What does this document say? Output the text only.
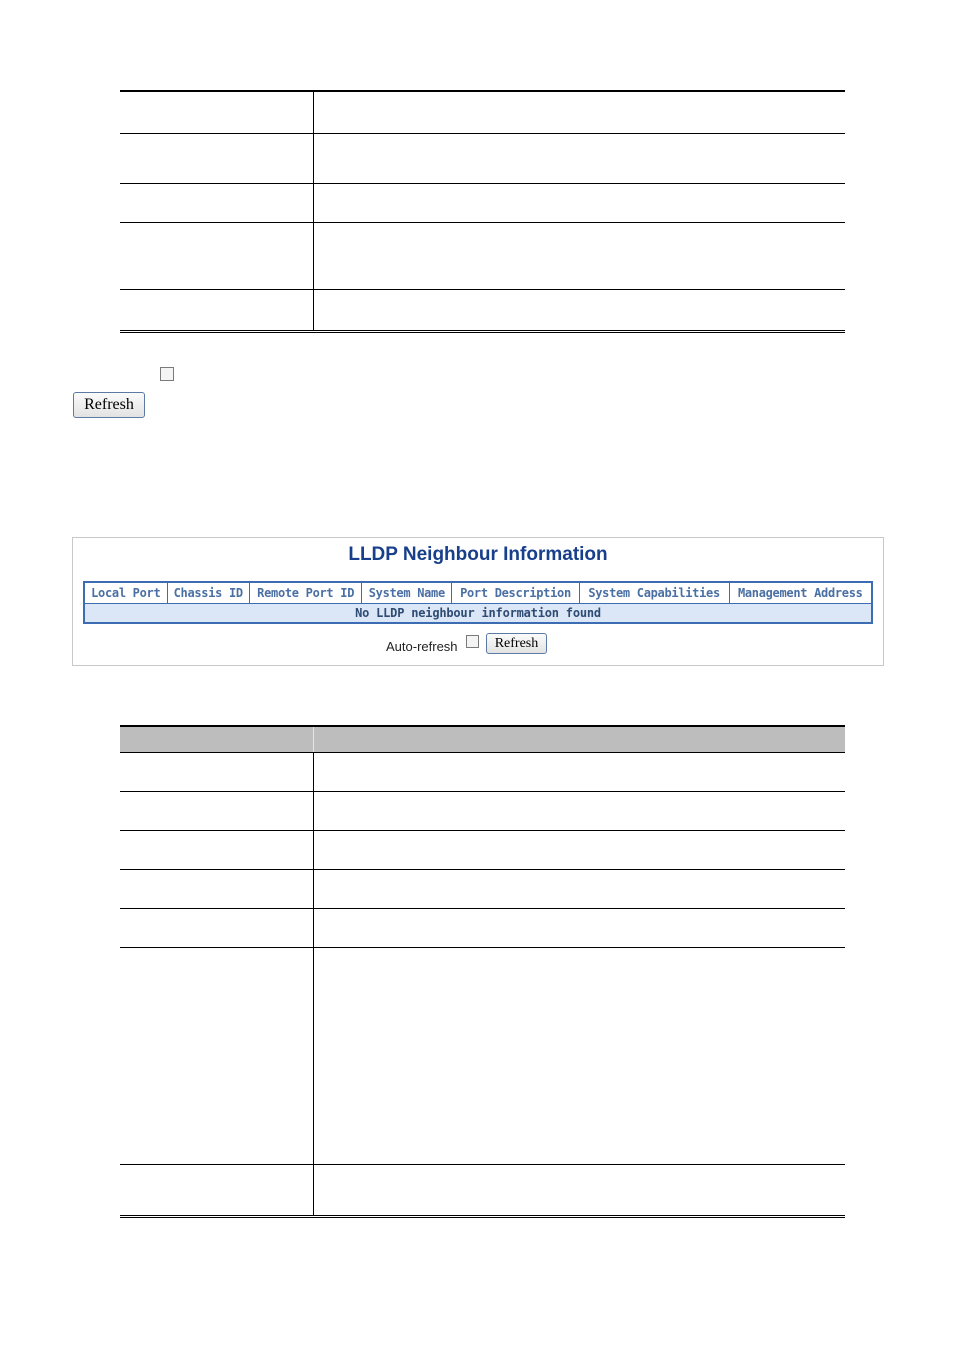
Refresh
LLDP Neighbour Information
Local Port	Chassis ID	Remote Port ID	System Name	Port Description	System Capabilities	Management Address
No LLDP neighbour information found
Auto-refresh	Refresh
